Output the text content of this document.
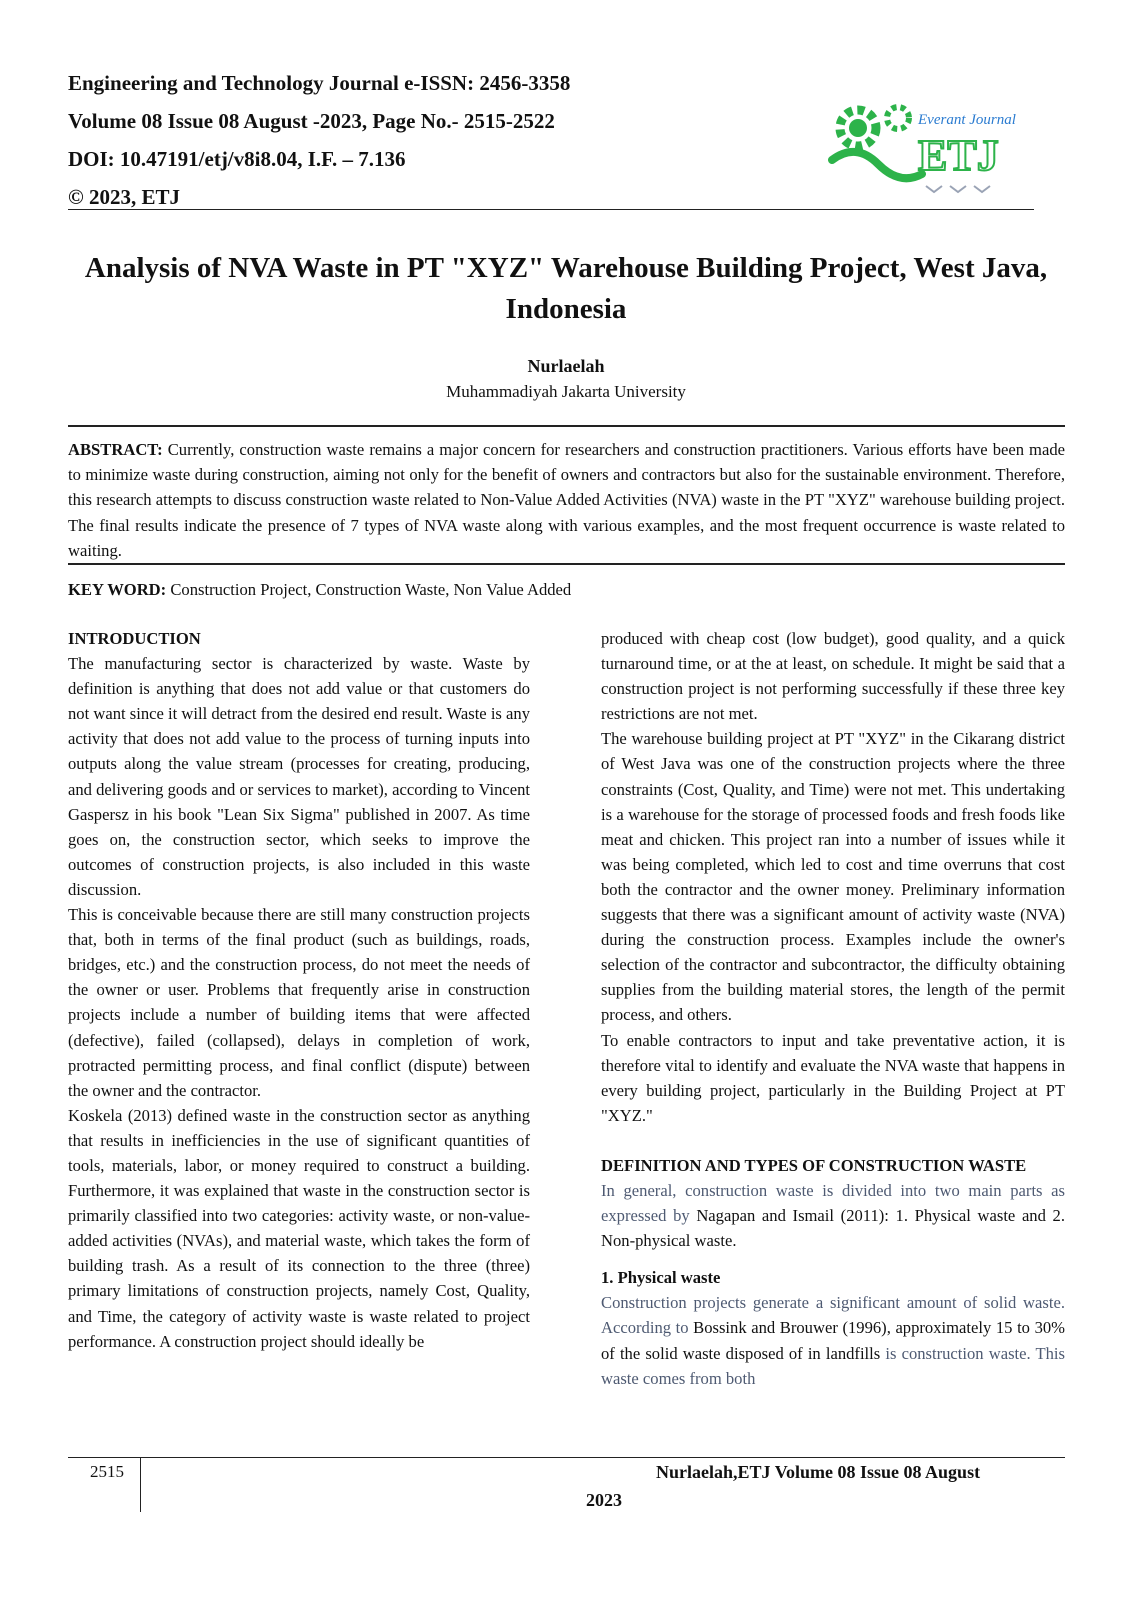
Engineering and Technology Journal e-ISSN: 2456-3358
Volume 08 Issue 08 August -2023, Page No.- 2515-2522
DOI: 10.47191/etj/v8i8.04, I.F. – 7.136
© 2023, ETJ
Everant Journal
ETJ
Analysis of NVA Waste in PT "XYZ" Warehouse Building Project, West Java, Indonesia
Nurlaelah
Muhammadiyah Jakarta University
ABSTRACT: Currently, construction waste remains a major concern for researchers and construction practitioners. Various efforts have been made to minimize waste during construction, aiming not only for the benefit of owners and contractors but also for the sustainable environment. Therefore, this research attempts to discuss construction waste related to Non-Value Added Activities (NVA) waste in the PT "XYZ" warehouse building project. The final results indicate the presence of 7 types of NVA waste along with various examples, and the most frequent occurrence is waste related to waiting.
KEY WORD: Construction Project, Construction Waste, Non Value Added

INTRODUCTION

The manufacturing sector is characterized by waste. Waste by definition is anything that does not add value or that customers do not want since it will detract from the desired end result. Waste is any activity that does not add value to the process of turning inputs into outputs along the value stream (processes for creating, producing, and delivering goods and or services to market), according to Vincent Gaspersz in his book "Lean Six Sigma" published in 2007. As time goes on, the construction sector, which seeks to improve the outcomes of construction projects, is also included in this waste discussion.

This is conceivable because there are still many construction projects that, both in terms of the final product (such as buildings, roads, bridges, etc.) and the construction process, do not meet the needs of the owner or user. Problems that frequently arise in construction projects include a number of building items that were affected (defective), failed (collapsed), delays in completion of work, protracted permitting process, and final conflict (dispute) between the owner and the contractor.

Koskela (2013) defined waste in the construction sector as anything that results in inefficiencies in the use of significant quantities of tools, materials, labor, or money required to construct a building. Furthermore, it was explained that waste in the construction sector is primarily classified into two categories: activity waste, or non-value-added activities (NVAs), and material waste, which takes the form of building trash. As a result of its connection to the three (three) primary limitations of construction projects, namely Cost, Quality, and Time, the category of activity waste is waste related to project performance. A construction project should ideally be

produced with cheap cost (low budget), good quality, and a quick turnaround time, or at the at least, on schedule. It might be said that a construction project is not performing successfully if these three key restrictions are not met.

The warehouse building project at PT "XYZ" in the Cikarang district of West Java was one of the construction projects where the three constraints (Cost, Quality, and Time) were not met. This undertaking is a warehouse for the storage of processed foods and fresh foods like meat and chicken. This project ran into a number of issues while it was being completed, which led to cost and time overruns that cost both the contractor and the owner money. Preliminary information suggests that there was a significant amount of activity waste (NVA) during the construction process. Examples include the owner's selection of the contractor and subcontractor, the difficulty obtaining supplies from the building material stores, the length of the permit process, and others.

To enable contractors to input and take preventative action, it is therefore vital to identify and evaluate the NVA waste that happens in every building project, particularly in the Building Project at PT "XYZ."

DEFINITION AND TYPES OF CONSTRUCTION WASTE

In general, construction waste is divided into two main parts as expressed by Nagapan and Ismail (2011): 1. Physical waste and 2. Non-physical waste.

1. Physical waste

Construction projects generate a significant amount of solid waste. According to Bossink and Brouwer (1996), approximately 15 to 30% of the solid waste disposed of in landfills is construction waste. This waste comes from both

2515	Nurlaelah,ETJ Volume 08 Issue 08 August
2023
